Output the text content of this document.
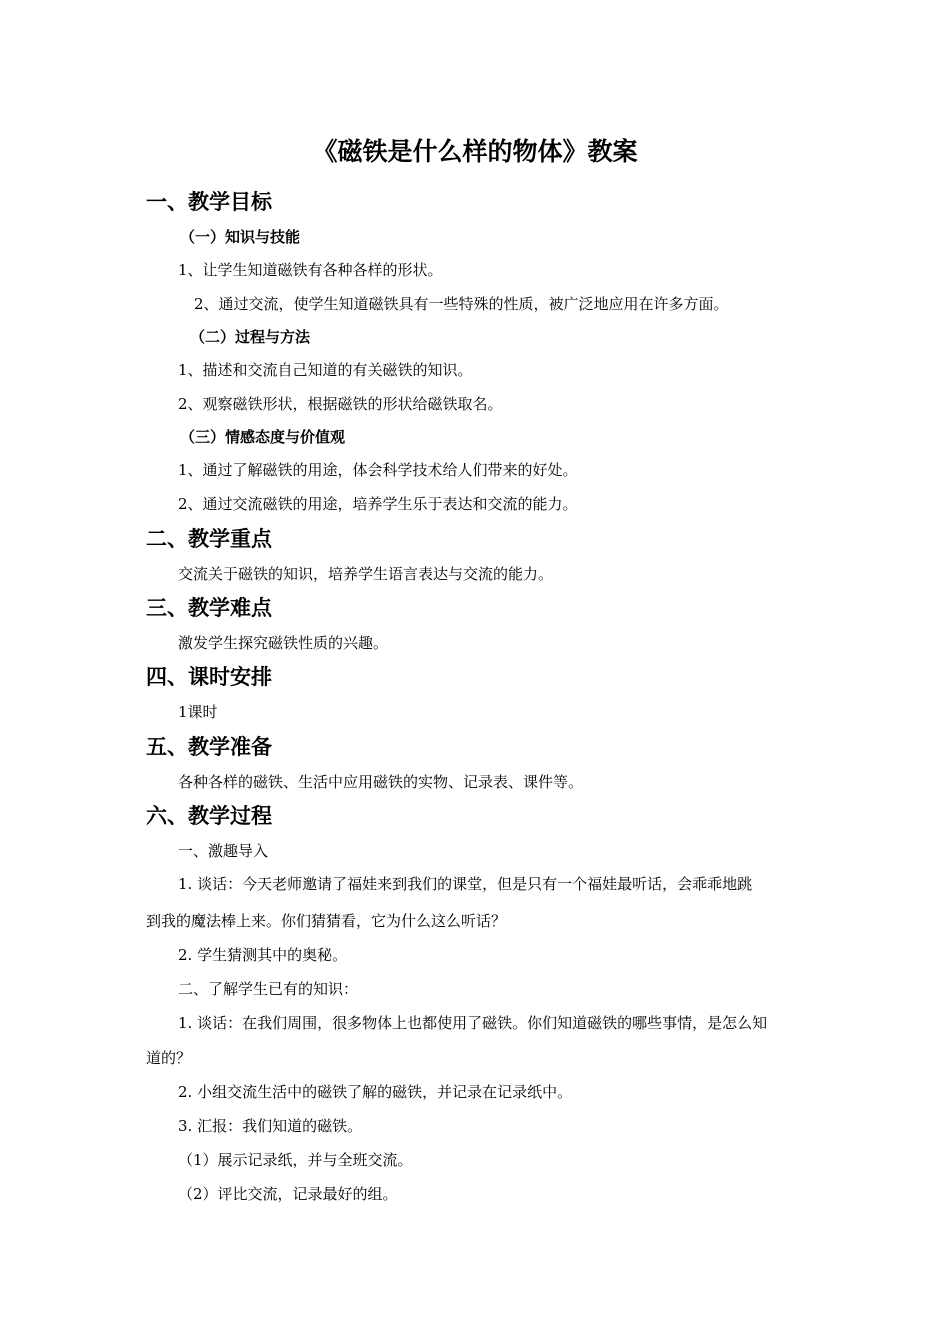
《磁铁是什么样的物体》教案
一、教学目标
（一）知识与技能
1、让学生知道磁铁有各种各样的形状。
2、通过交流，使学生知道磁铁具有一些特殊的性质，被广泛地应用在许多方面。
（二）过程与方法
1、描述和交流自己知道的有关磁铁的知识。
2、观察磁铁形状，根据磁铁的形状给磁铁取名。
（三）情感态度与价值观
1、通过了解磁铁的用途，体会科学技术给人们带来的好处。
2、通过交流磁铁的用途，培养学生乐于表达和交流的能力。
二、教学重点
交流关于磁铁的知识，培养学生语言表达与交流的能力。
三、教学难点
激发学生探究磁铁性质的兴趣。
四、课时安排
1课时
五、教学准备
各种各样的磁铁、生活中应用磁铁的实物、记录表、课件等。
六、教学过程
一、激趣导入
1. 谈话：今天老师邀请了福娃来到我们的课堂，但是只有一个福娃最听话，会乖乖地跳
到我的魔法棒上来。你们猜猜看，它为什么这么听话？
2. 学生猜测其中的奥秘。
二、了解学生已有的知识：
1. 谈话：在我们周围，很多物体上也都使用了磁铁。你们知道磁铁的哪些事情，是怎么知
道的？
2. 小组交流生活中的磁铁了解的磁铁，并记录在记录纸中。
3. 汇报：我们知道的磁铁。
（1）展示记录纸，并与全班交流。
（2）评比交流，记录最好的组。
